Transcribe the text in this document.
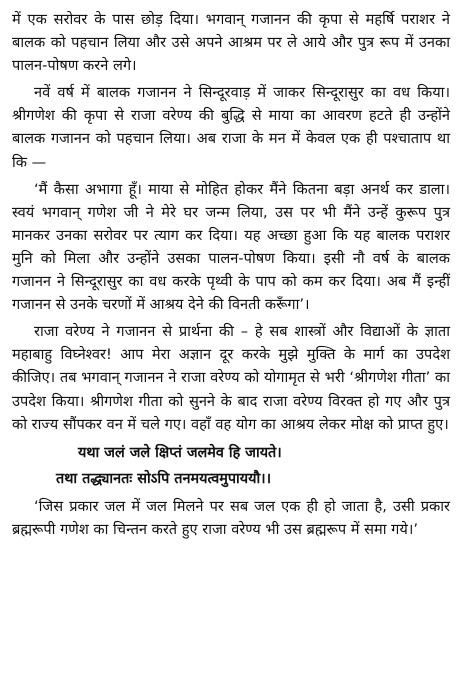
में एक सरोवर के पास छोड़ दिया। भगवान् गजानन की कृपा से महर्षि पराशर ने बालक को पहचान लिया और उसे अपने आश्रम पर ले आये और पुत्र रूप में उनका पालन-पोषण करने लगे।

नवें वर्ष में बालक गजानन ने सिन्दूरवाड़ में जाकर सिन्दूरासुर का वध किया। श्रीगणेश की कृपा से राजा वरेण्य की बुद्धि से माया का आवरण हटते ही उन्होंने बालक गजानन को पहचान लिया। अब राजा के मन में केवल एक ही पश्चाताप था कि —

‘मैं कैसा अभागा हूँ। माया से मोहित होकर मैंने कितना बड़ा अनर्थ कर डाला। स्वयं भगवान् गणेश जी ने मेरे घर जन्म लिया, उस पर भी मैंने उन्हें कुरूप पुत्र मानकर उनका सरोवर पर त्याग कर दिया। यह अच्छा हुआ कि यह बालक पराशर मुनि को मिला और उन्होंने उसका पालन-पोषण किया। इसी नौ वर्ष के बालक गजानन ने सिन्दूरासुर का वध करके पृथ्वी के पाप को कम कर दिया। अब मैं इन्हीं गजानन से उनके चरणों में आश्रय देने की विनती करूँगा’।

राजा वरेण्य ने गजानन से प्रार्थना की – हे सब शास्त्रों और विद्याओं के ज्ञाता महाबाहु विघ्नेश्वर! आप मेरा अज्ञान दूर करके मुझे मुक्ति के मार्ग का उपदेश कीजिए। तब भगवान् गजानन ने राजा वरेण्य को योगामृत से भरी ‘श्रीगणेश गीता’ का उपदेश किया। श्रीगणेश गीता को सुनने के बाद राजा वरेण्य विरक्त हो गए और पुत्र को राज्य सौंपकर वन में चले गए। वहाँ वह योग का आश्रय लेकर मोक्ष को प्राप्त हुए।

यथा जलं जले क्षिप्तं जलमेव हि जायते।
तथा तद्ध्यानतः सोऽपि तनमयत्वमुपाययौ।।

‘जिस प्रकार जल में जल मिलने पर सब जल एक ही हो जाता है, उसी प्रकार ब्रह्मरूपी गणेश का चिन्तन करते हुए राजा वरेण्य भी उस ब्रह्मरूप में समा गये।’
